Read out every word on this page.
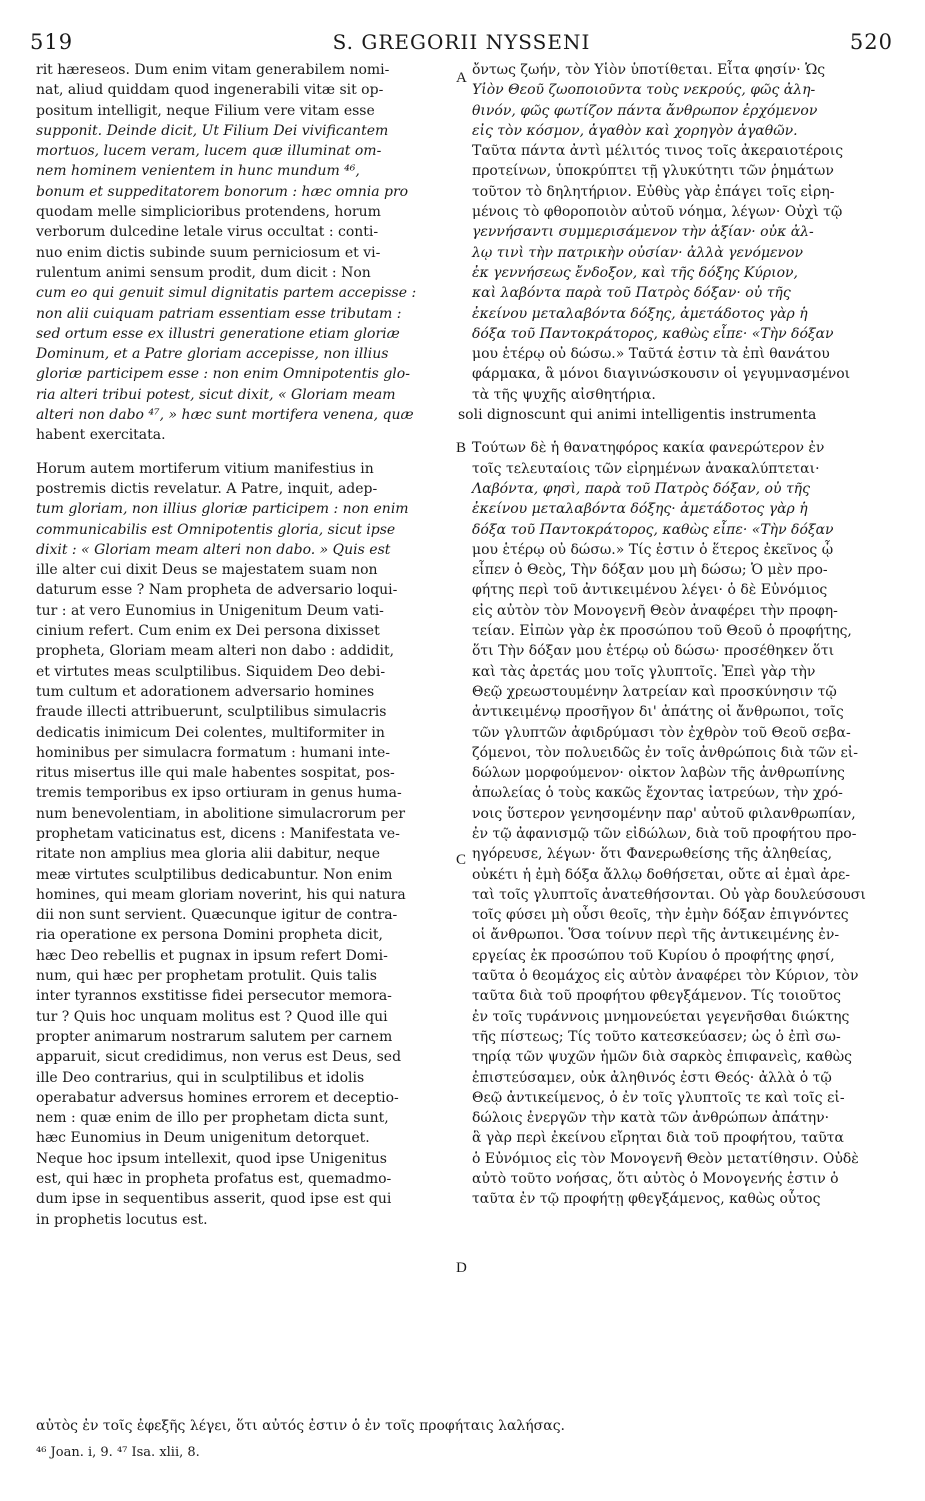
519	S. GREGORII NYSSENI	520
rit hæreseos. Dum enim vitam generabilem nomi-
nat, aliud quiddam quod ingenerabili vitæ sit op-
positum intelligit, neque Filium vere vitam esse
supponit. Deinde dicit, Ut Filium Dei vivificantem
mortuos, lucem veram, lucem quæ illuminat om-
nem hominem venientem in hunc mundum ⁴⁶,
bonum et suppeditatorem bonorum : hæc omnia pro
quodam melle simplicioribus protendens, horum
verborum dulcedine letale virus occultat : conti-
nuo enim dictis subinde suum perniciosum et vi-
rulentum animi sensum prodit, dum dicit : Non
cum eo qui genuit simul dignitatis partem accepisse :
non alii cuiquam patriam essentiam esse tributam :
sed ortum esse ex illustri generatione etiam gloriæ
Dominum, et a Patre gloriam accepisse, non illius
gloriæ participem esse : non enim Omnipotentis glo-
ria alteri tribui potest, sicut dixit, « Gloriam meam
alteri non dabo ⁴⁷, » hæc sunt mortifera venena, quæ
habent exercitata.
Horum autem mortiferum vitium manifestius in
postremis dictis revelatur. A Patre, inquit, adep-
tum gloriam, non illius gloriæ participem : non enim
communicabilis est Omnipotentis gloria, sicut ipse
dixit : « Gloriam meam alteri non dabo. » Quis est
ille alter cui dixit Deus se majestatem suam non
daturum esse ? Nam propheta de adversario loqui-
tur : at vero Eunomius in Unigenitum Deum vati-
cinium refert. Cum enim ex Dei persona dixisset
propheta, Gloriam meam alteri non dabo : addidit,
et virtutes meas sculptilibus. Siquidem Deo debi-
tum cultum et adorationem adversario homines
fraude illecti attribuerunt, sculptilibus simulacris
dedicatis inimicum Dei colentes, multiformiter in
hominibus per simulacra formatum : humani inte-
ritus misertus ille qui male habentes sospitat, pos-
tremis temporibus ex ipso ortiuram in genus huma-
num benevolentiam, in abolitione simulacrorum per
prophetam vaticinatus est, dicens : Manifestata ve-
ritate non amplius mea gloria alii dabitur, neque
meæ virtutes sculptilibus dedicabuntur. Non enim
homines, qui meam gloriam noverint, his qui natura
dii non sunt servient. Quæcunque igitur de contra-
ria operatione ex persona Domini propheta dicit,
hæc Deo rebellis et pugnax in ipsum refert Domi-
num, qui hæc per prophetam protulit. Quis talis
inter tyrannos exstitisse fidei persecutor memora-
tur ? Quis hoc unquam molitus est ? Quod ille qui
propter animarum nostrarum salutem per carnem
apparuit, sicut credidimus, non verus est Deus, sed
ille Deo contrarius, qui in sculptilibus et idolis
operabatur adversus homines errorem et deceptio-
nem : quæ enim de illo per prophetam dicta sunt,
hæc Eunomius in Deum unigenitum detorquet.
Neque hoc ipsum intellexit, quod ipse Unigenitus
est, qui hæc in propheta profatus est, quemadmo-
dum ipse in sequentibus asserit, quod ipse est qui
in prophetis locutus est.
ὄντως ζωήν, τὸν Υἱὸν ὑποτίθεται. Εἶτα φησίν· Ὡς
Υἱὸν Θεοῦ ζωοποιοῦντα τοὺς νεκρούς, φῶς ἀλη-
θινόν, φῶς φωτίζον πάντα ἄνθρωπον ἐρχόμενον
εἰς τὸν κόσμον, ἀγαθὸν καὶ χορηγὸν ἀγαθῶν.
Ταῦτα πάντα ἀντὶ μέλιτός τινος τοῖς ἀκεραιοτέροις
προτείνων, ὑποκρύπτει τῇ γλυκύτητι τῶν ῥημάτων
τοῦτον τὸ δηλητήριον. Εὐθὺς γὰρ ἐπάγει τοῖς εἰρη-
μένοις τὸ φθοροποιὸν αὐτοῦ νόημα, λέγων· Οὐχὶ τῷ
γεννήσαντι συμμερισάμενον τὴν ἀξίαν· οὐκ ἀλ-
λῳ τινὶ τὴν πατρικὴν οὐσίαν· ἀλλὰ γενόμενον
ἐκ γεννήσεως ἔνδοξον, καὶ τῆς δόξης Κύριον,
καὶ λαβόντα παρὰ τοῦ Πατρὸς δόξαν· οὐ τῆς
ἐκείνου μεταλαβόντα δόξης, ἀμετάδοτος γὰρ ἡ
δόξα τοῦ Παντοκράτορος, καθὼς εἶπε· «Τὴν δόξαν
μου ἑτέρῳ οὐ δώσω.» Ταῦτά ἐστιν τὰ ἐπὶ θανάτου
φάρμακα, ἃ μόνοι διαγινώσκουσιν οἱ γεγυμνασμένοι
τὰ τῆς ψυχῆς αἰσθητήρια.
soli dignoscunt qui animi intelligentis instrumenta
Τούτων δὲ ἡ θανατηφόρος κακία φανερώτερον ἐν
τοῖς τελευταίοις τῶν εἰρημένων ἀνακαλύπτεται·
Λαβόντα, φησὶ, παρὰ τοῦ Πατρὸς δόξαν, οὐ τῆς
ἐκείνου μεταλαβόντα δόξης· ἀμετάδοτος γὰρ ἡ
δόξα τοῦ Παντοκράτορος, καθὼς εἶπε· «Τὴν δόξαν
μου ἑτέρῳ οὐ δώσω.» Τίς ἐστιν ὁ ἕτερος ἐκεῖνος ᾧ
εἶπεν ὁ Θεὸς, Τὴν δόξαν μου μὴ δώσω; Ὁ μὲν προ-
φήτης περὶ τοῦ ἀντικειμένου λέγει· ὁ δὲ Εὐνόμιος
εἰς αὐτὸν τὸν Μονογενῆ Θεὸν ἀναφέρει τὴν προφη-
τείαν. Εἰπὼν γὰρ ἐκ προσώπου τοῦ Θεοῦ ὁ προφήτης,
ὅτι Τὴν δόξαν μου ἑτέρῳ οὐ δώσω· προσέθηκεν ὅτι
καὶ τὰς ἀρετάς μου τοῖς γλυπτοῖς. Ἐπεὶ γὰρ τὴν
Θεῷ χρεωστουμένην λατρείαν καὶ προσκύνησιν τῷ
ἀντικειμένῳ προσῆγον δι' ἀπάτης οἱ ἄνθρωποι, τοῖς
τῶν γλυπτῶν ἀφιδρύμασι τὸν ἐχθρὸν τοῦ Θεοῦ σεβα-
ζόμενοι, τὸν πολυειδῶς ἐν τοῖς ἀνθρώποις διὰ τῶν εἰ-
δώλων μορφούμενον· οἰκτον λαβὼν τῆς ἀνθρωπίνης
ἀπωλείας ὁ τοὺς κακῶς ἔχοντας ἰατρεύων, τὴν χρό-
νοις ὕστερον γενησομένην παρ' αὐτοῦ φιλανθρωπίαν,
ἐν τῷ ἀφανισμῷ τῶν εἰδώλων, διὰ τοῦ προφήτου προ-
ηγόρευσε, λέγων· ὅτι Φανερωθείσης τῆς ἀληθείας,
οὐκέτι ἡ ἐμὴ δόξα ἄλλῳ δοθήσεται, οὔτε αἱ ἐμαὶ ἀρε-
ταὶ τοῖς γλυπτοῖς ἀνατεθήσονται. Οὐ γὰρ δουλεύσουσι
τοῖς φύσει μὴ οὖσι θεοῖς, τὴν ἐμὴν δόξαν ἐπιγνόντες
οἱ ἄνθρωποι. Ὅσα τοίνυν περὶ τῆς ἀντικειμένης ἐν-
εργείας ἐκ προσώπου τοῦ Κυρίου ὁ προφήτης φησί,
ταῦτα ὁ θεομάχος εἰς αὐτὸν ἀναφέρει τὸν Κύριον, τὸν
ταῦτα διὰ τοῦ προφήτου φθεγξάμενον. Τίς τοιοῦτος
ἐν τοῖς τυράννοις μνημονεύεται γεγενῆσθαι διώκτης
τῆς πίστεως; Τίς τοῦτο κατεσκεύασεν; ὡς ὁ ἐπὶ σω-
τηρίᾳ τῶν ψυχῶν ἡμῶν διὰ σαρκὸς ἐπιφανεὶς, καθὼς
ἐπιστεύσαμεν, οὐκ ἀληθινός ἐστι Θεός· ἀλλὰ ὁ τῷ
Θεῷ ἀντικείμενος, ὁ ἐν τοῖς γλυπτοῖς τε καὶ τοῖς εἰ-
δώλοις ἐνεργῶν τὴν κατὰ τῶν ἀνθρώπων ἀπάτην·
ἃ γὰρ περὶ ἐκείνου εἴρηται διὰ τοῦ προφήτου, ταῦτα
ὁ Εὐνόμιος εἰς τὸν Μονογενῆ Θεὸν μετατίθησιν. Οὐδὲ
αὐτὸ τοῦτο νοήσας, ὅτι αὐτὸς ὁ Μονογενής ἐστιν ὁ
ταῦτα ἐν τῷ προφήτῃ φθεγξάμενος, καθὼς οὗτος
A
B
C
D
αὐτὸς ἐν τοῖς ἐφεξῆς λέγει, ὅτι αὐτός ἐστιν ὁ ἐν τοῖς προφήταις λαλήσας.
⁴⁶ Joan. i, 9. ⁴⁷ Isa. xlii, 8.
